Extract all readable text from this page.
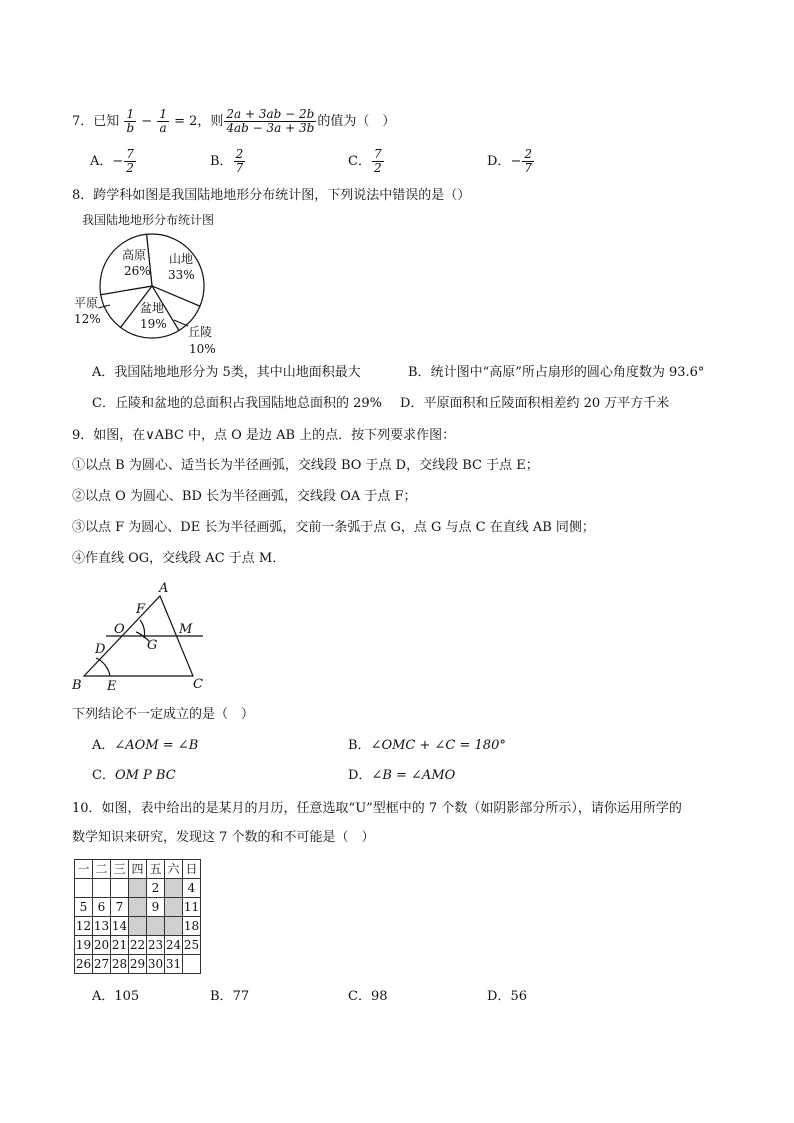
7．已知 $\frac{1}{b} - \frac{1}{a} = 2$，则 $\frac{2a + 3ab - 2b}{4ab - 3a + 3b}$ 的值为（　）
A．− $\frac{7}{2}$	B． $\frac{2}{7}$	C． $\frac{7}{2}$	D．− $\frac{2}{7}$
8．跨学科如图是我国陆地地形分布统计图，下列说法中错误的是（）
我国陆地地形分布统计图
高原
26%
山地
33%
盆地
19%
平原
12%
丘陵
10%
A．我国陆地地形分为 5类，其中山地面积最大	B．统计图中“高原”所占扇形的圆心角度数为 93.6°
C．丘陵和盆地的总面积占我国陆地总面积的 29% D．平原面积和丘陵面积相差约 20 万平方千米
9．如图，在∨ABC 中，点 O 是边 AB 上的点．按下列要求作图：
①以点 B 为圆心、适当长为半径画弧，交线段 BO 于点 D，交线段 BC 于点 E；
②以点 O 为圆心、BD 长为半径画弧，交线段 OA 于点 F；
③以点 F 为圆心、DE 长为半径画弧，交前一条弧于点 G，点 G 与点 C 在直线 AB 同侧；
④作直线 OG，交线段 AC 于点 M．
A
B	C
O	M
F
G
D
E
下列结论不一定成立的是（　）
A．∠AOM = ∠B	B．∠OMC + ∠C = 180°
C．OM P BC	D．∠B = ∠AMO
10．如图，表中给出的是某月的月历，任意选取“U”型框中的 7 个数（如阴影部分所示），请你运用所学的
数学知识来研究，发现这 7 个数的和不可能是（　）
一	二	三	四	五	六	日
				2		4
5	6	7		9		11
12	13	14				18
19	20	21	22	23	24	25
26	27	28	29	30	31	
A．105	B．77	C．98	D．56
